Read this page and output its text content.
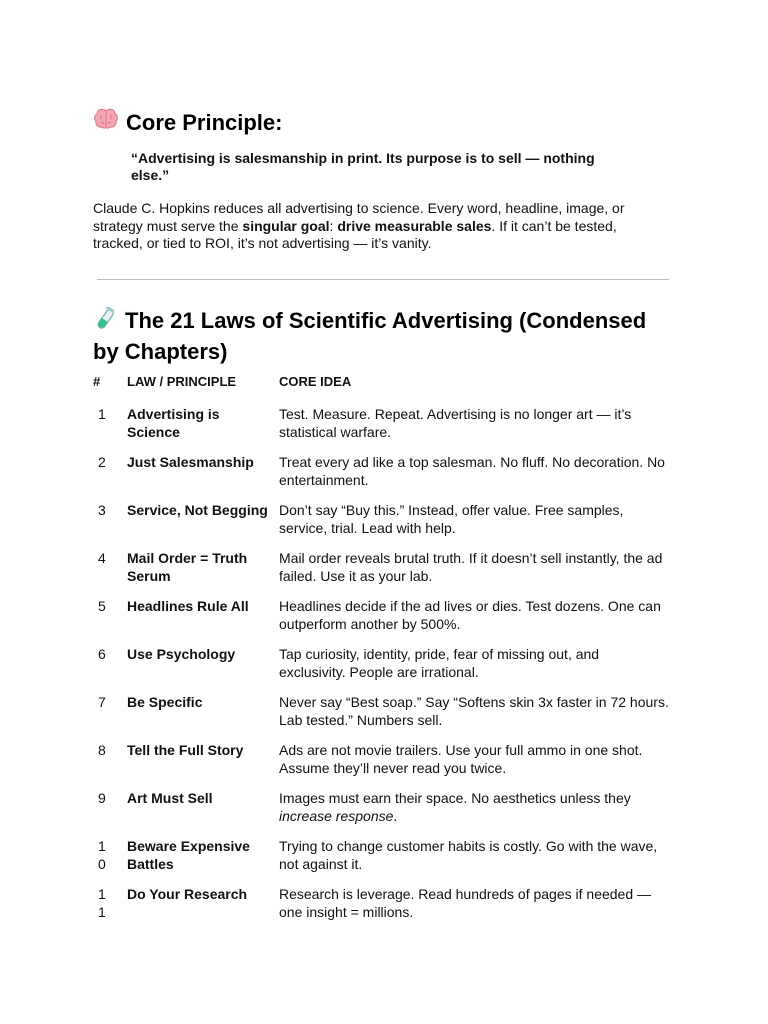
Core Principle:
“Advertising is salesmanship in print. Its purpose is to sell — nothing else.”

Claude C. Hopkins reduces all advertising to science. Every word, headline, image, or strategy must serve the singular goal: drive measurable sales. If it can’t be tested, tracked, or tied to ROI, it’s not advertising — it’s vanity.

The 21 Laws of Scientific Advertising (Condensed by Chapters)
#	LAW / PRINCIPLE	CORE IDEA

1	Advertising is Science	Test. Measure. Repeat. Advertising is no longer art — it’s statistical warfare.

2	Just Salesmanship	Treat every ad like a top salesman. No fluff. No decoration. No entertainment.

3	Service, Not Begging	Don’t say “Buy this.” Instead, offer value. Free samples, service, trial. Lead with help.

4	Mail Order = Truth Serum	Mail order reveals brutal truth. If it doesn’t sell instantly, the ad failed. Use it as your lab.

5	Headlines Rule All	Headlines decide if the ad lives or dies. Test dozens. One can outperform another by 500%.

6	Use Psychology	Tap curiosity, identity, pride, fear of missing out, and exclusivity. People are irrational.

7	Be Specific	Never say “Best soap.” Say “Softens skin 3x faster in 72 hours. Lab tested.” Numbers sell.

8	Tell the Full Story	Ads are not movie trailers. Use your full ammo in one shot. Assume they’ll never read you twice.

9	Art Must Sell	Images must earn their space. No aesthetics unless they increase response.

10	Beware Expensive Battles	Trying to change customer habits is costly. Go with the wave, not against it.

11	Do Your Research	Research is leverage. Read hundreds of pages if needed — one insight = millions.
